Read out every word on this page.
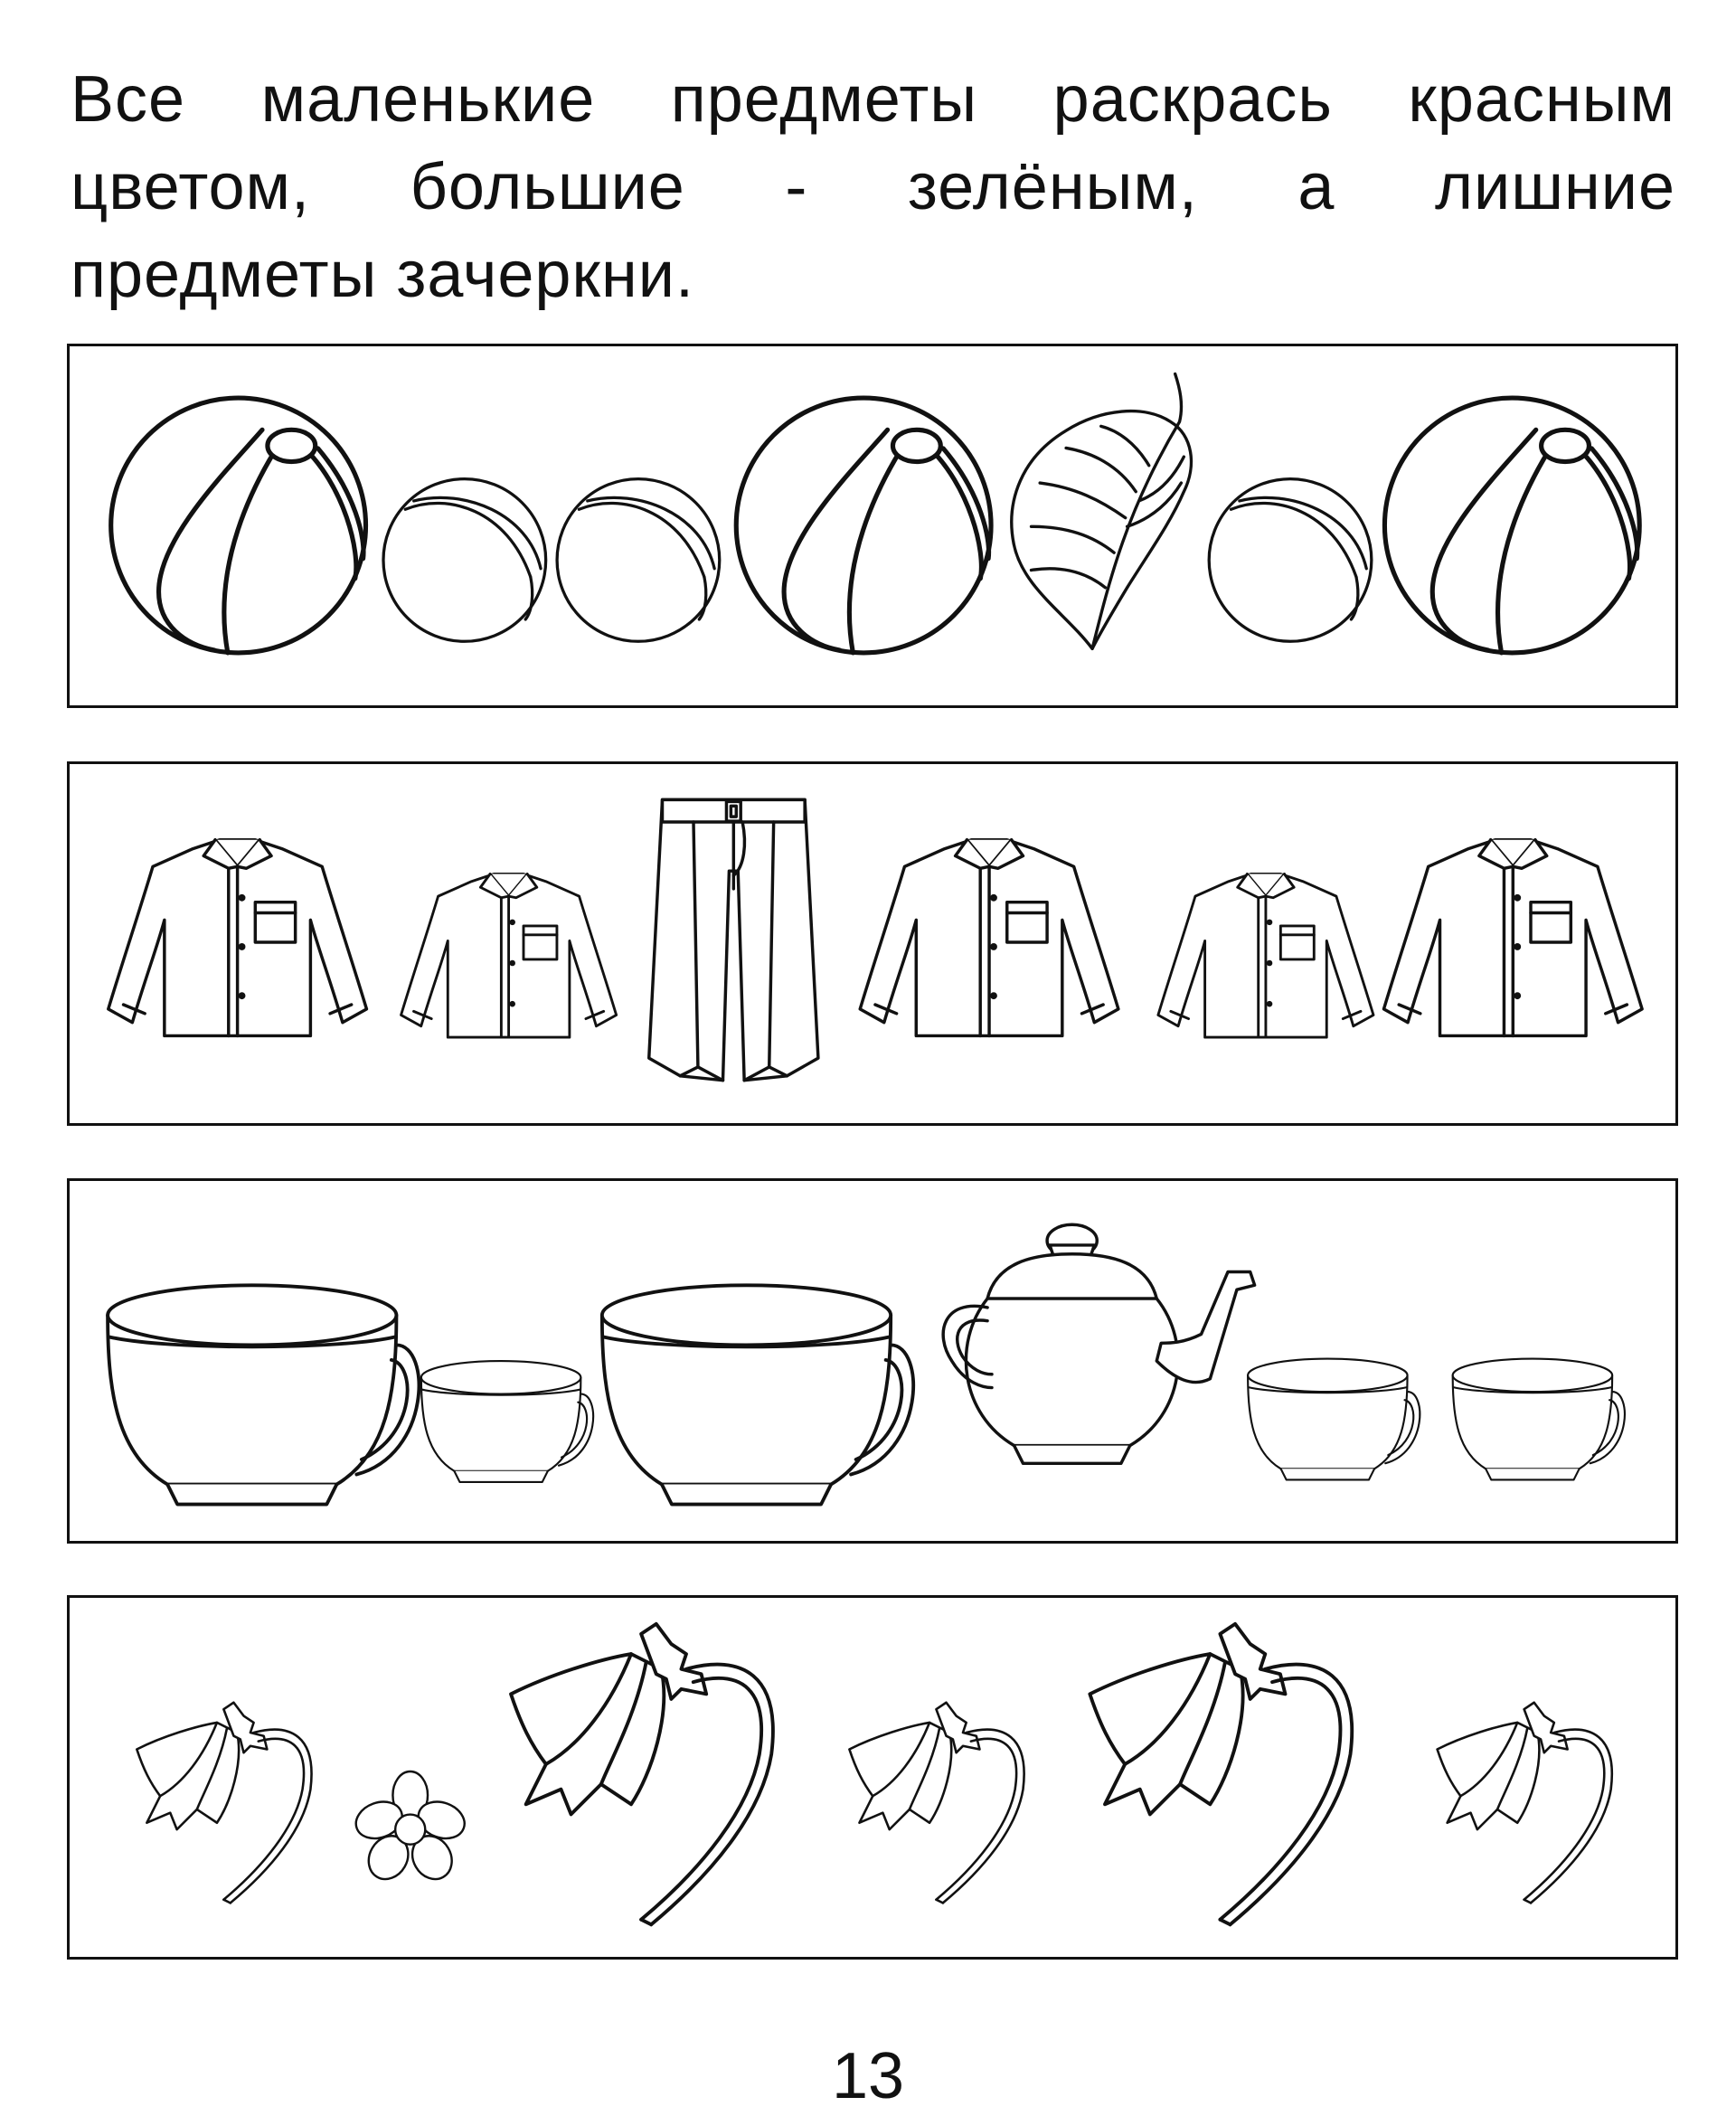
Все маленькие предметы раскрась красным
цветом, большие - зелёным, а лишние
предметы зачеркни.
13
